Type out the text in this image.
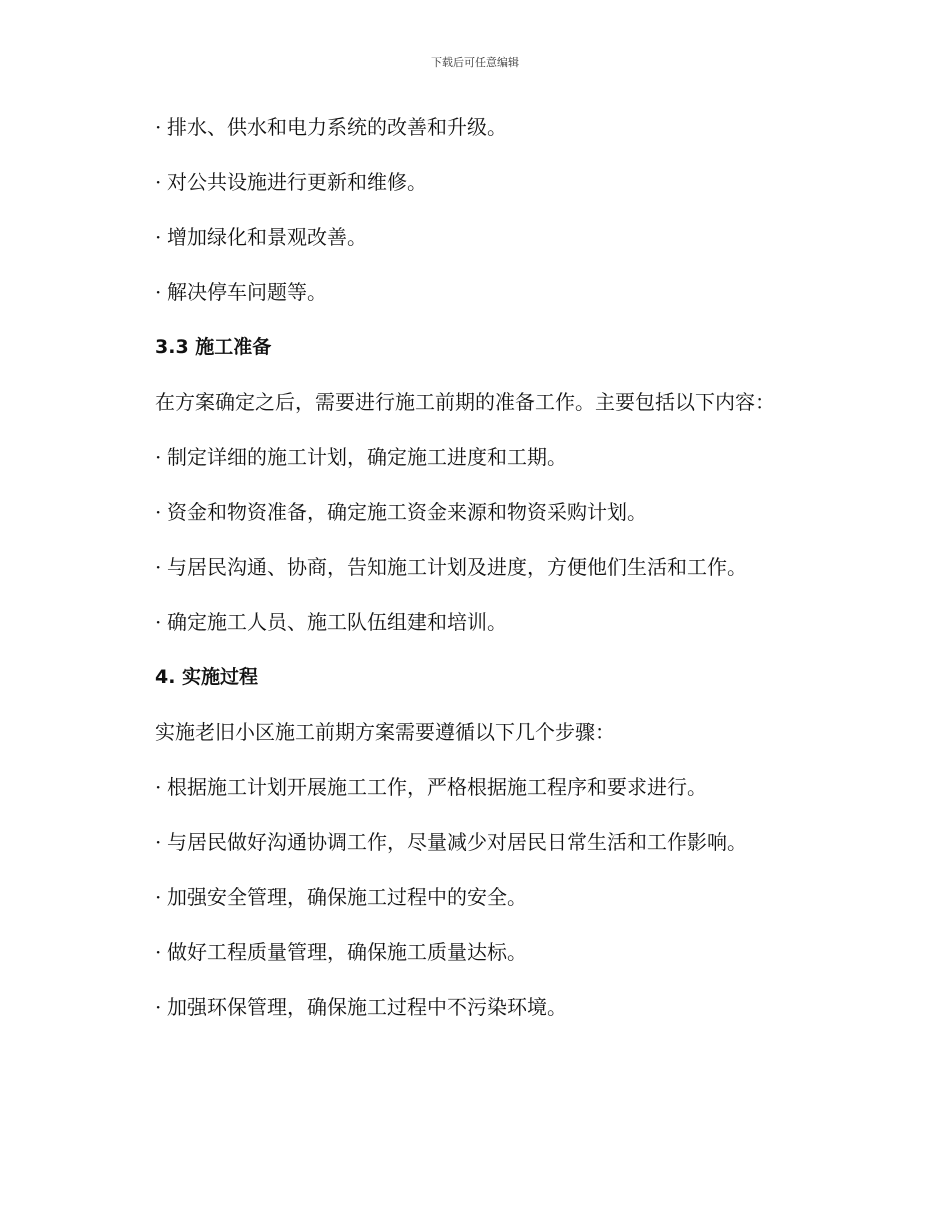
下载后可任意编辑
· 排水、供水和电力系统的改善和升级。
· 对公共设施进行更新和维修。
· 增加绿化和景观改善。
· 解决停车问题等。
3.3 施工准备
在方案确定之后，需要进行施工前期的准备工作。主要包括以下内容：
· 制定详细的施工计划，确定施工进度和工期。
· 资金和物资准备，确定施工资金来源和物资采购计划。
· 与居民沟通、协商，告知施工计划及进度，方便他们生活和工作。
· 确定施工人员、施工队伍组建和培训。
4. 实施过程
实施老旧小区施工前期方案需要遵循以下几个步骤：
· 根据施工计划开展施工工作，严格根据施工程序和要求进行。
· 与居民做好沟通协调工作，尽量减少对居民日常生活和工作影响。
· 加强安全管理，确保施工过程中的安全。
· 做好工程质量管理，确保施工质量达标。
· 加强环保管理，确保施工过程中不污染环境。
